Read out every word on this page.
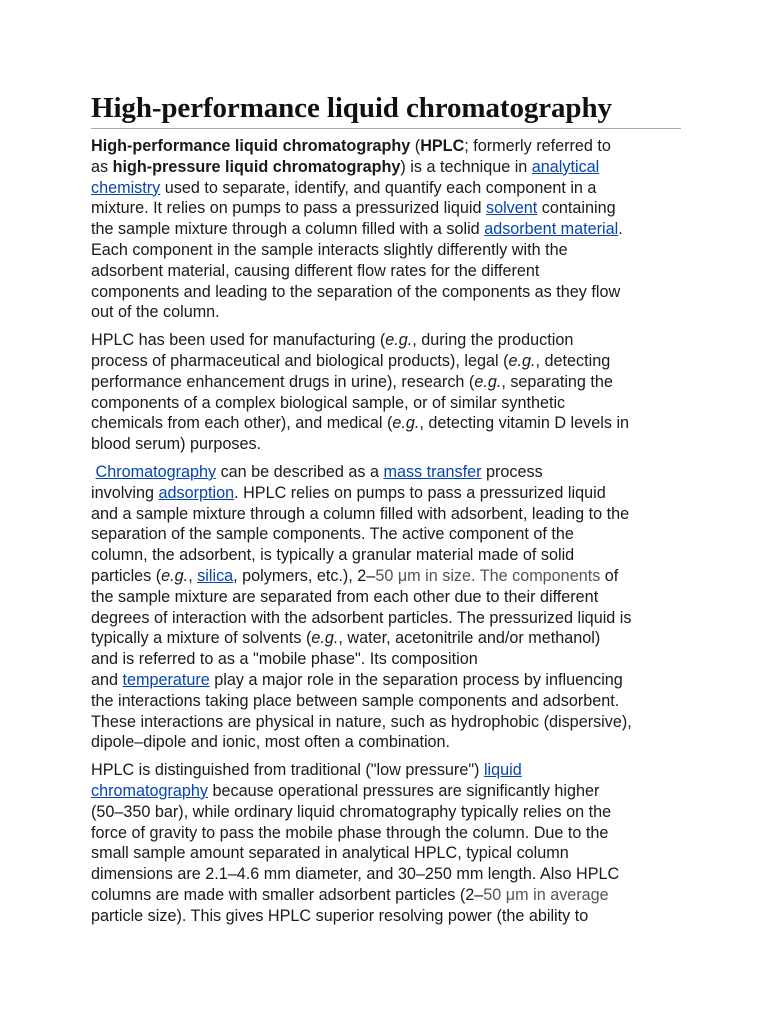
High-performance liquid chromatography

High-performance liquid chromatography (HPLC; formerly referred to
as high-pressure liquid chromatography) is a technique in analytical
chemistry used to separate, identify, and quantify each component in a
mixture. It relies on pumps to pass a pressurized liquid solvent containing
the sample mixture through a column filled with a solid adsorbent material.
Each component in the sample interacts slightly differently with the
adsorbent material, causing different flow rates for the different
components and leading to the separation of the components as they flow
out of the column.

HPLC has been used for manufacturing (e.g., during the production
process of pharmaceutical and biological products), legal (e.g., detecting
performance enhancement drugs in urine), research (e.g., separating the
components of a complex biological sample, or of similar synthetic
chemicals from each other), and medical (e.g., detecting vitamin D levels in
blood serum) purposes.

Chromatography can be described as a mass transfer process
involving adsorption. HPLC relies on pumps to pass a pressurized liquid
and a sample mixture through a column filled with adsorbent, leading to the
separation of the sample components. The active component of the
column, the adsorbent, is typically a granular material made of solid
particles (e.g., silica, polymers, etc.), 2–50 μm in size. The components of
the sample mixture are separated from each other due to their different
degrees of interaction with the adsorbent particles. The pressurized liquid is
typically a mixture of solvents (e.g., water, acetonitrile and/or methanol)
and is referred to as a "mobile phase". Its composition
and temperature play a major role in the separation process by influencing
the interactions taking place between sample components and adsorbent.
These interactions are physical in nature, such as hydrophobic (dispersive),
dipole–dipole and ionic, most often a combination.

HPLC is distinguished from traditional ("low pressure") liquid
chromatography because operational pressures are significantly higher
(50–350 bar), while ordinary liquid chromatography typically relies on the
force of gravity to pass the mobile phase through the column. Due to the
small sample amount separated in analytical HPLC, typical column
dimensions are 2.1–4.6 mm diameter, and 30–250 mm length. Also HPLC
columns are made with smaller adsorbent particles (2–50 μm in average
particle size). This gives HPLC superior resolving power (the ability to
